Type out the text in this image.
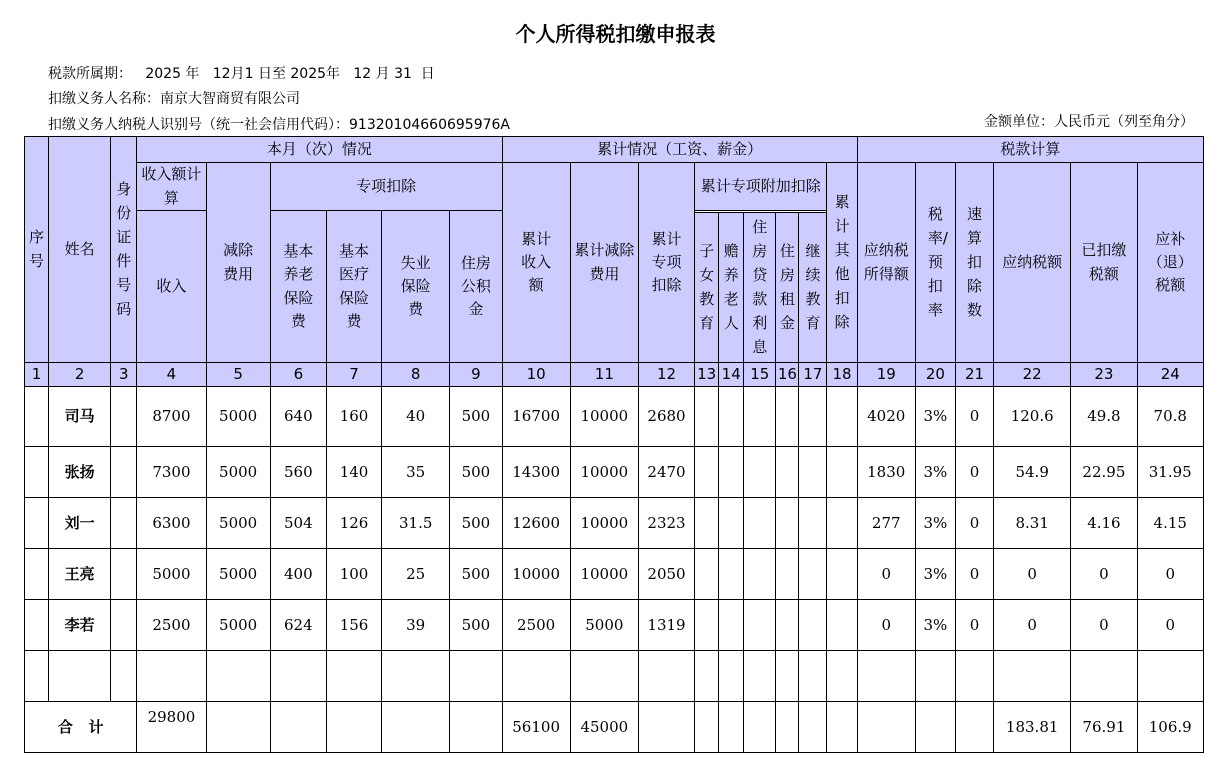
个人所得税扣缴申报表
税款所属期：   2025 年   12月1 日至 2025年   12 月 31  日
扣缴义务人名称：南京大智商贸有限公司
扣缴义务人纳税人识别号（统一社会信用代码）：91320104660695976A	金额单位：人民币元（列至角分）
序号	姓名	身份证件号码	本月（次）情况						累计情况（工资、薪金）									税款计算					
			收入额计算	减除费用	专项扣除				累计收入额	累计减除费用	累计专项扣除	累计专项附加扣除					累计其他扣除	应纳税所得额	税率/预扣率	速算扣除数	应纳税额	已扣缴税额	应补（退）税额

			收入		基本养老保险费	基本医疗保险费	失业保险费	住房公积金															

												子女教育	赡养老人	住房贷款利息	住房租金	继续教育							
1	2	3	4	5	6	7	8	9	10	11	12	13	14	15	16	17	18	19	20	21	22	23	24
	司马		8700	5000	640	160	40	500	16700	10000	2680							4020	3%	0	120.6	49.8	70.8
	张扬		7300	5000	560	140	35	500	14300	10000	2470							1830	3%	0	54.9	22.95	31.95
	刘一		6300	5000	504	126	31.5	500	12600	10000	2323							277	3%	0	8.31	4.16	4.15
	王亮		5000	5000	400	100	25	500	10000	10000	2050							0	3%	0	0	0	0
	李若		2500	5000	624	156	39	500	2500	5000	1319							0	3%	0	0	0	0

合   计			29800						56100	45000											183.81	76.91	106.9
